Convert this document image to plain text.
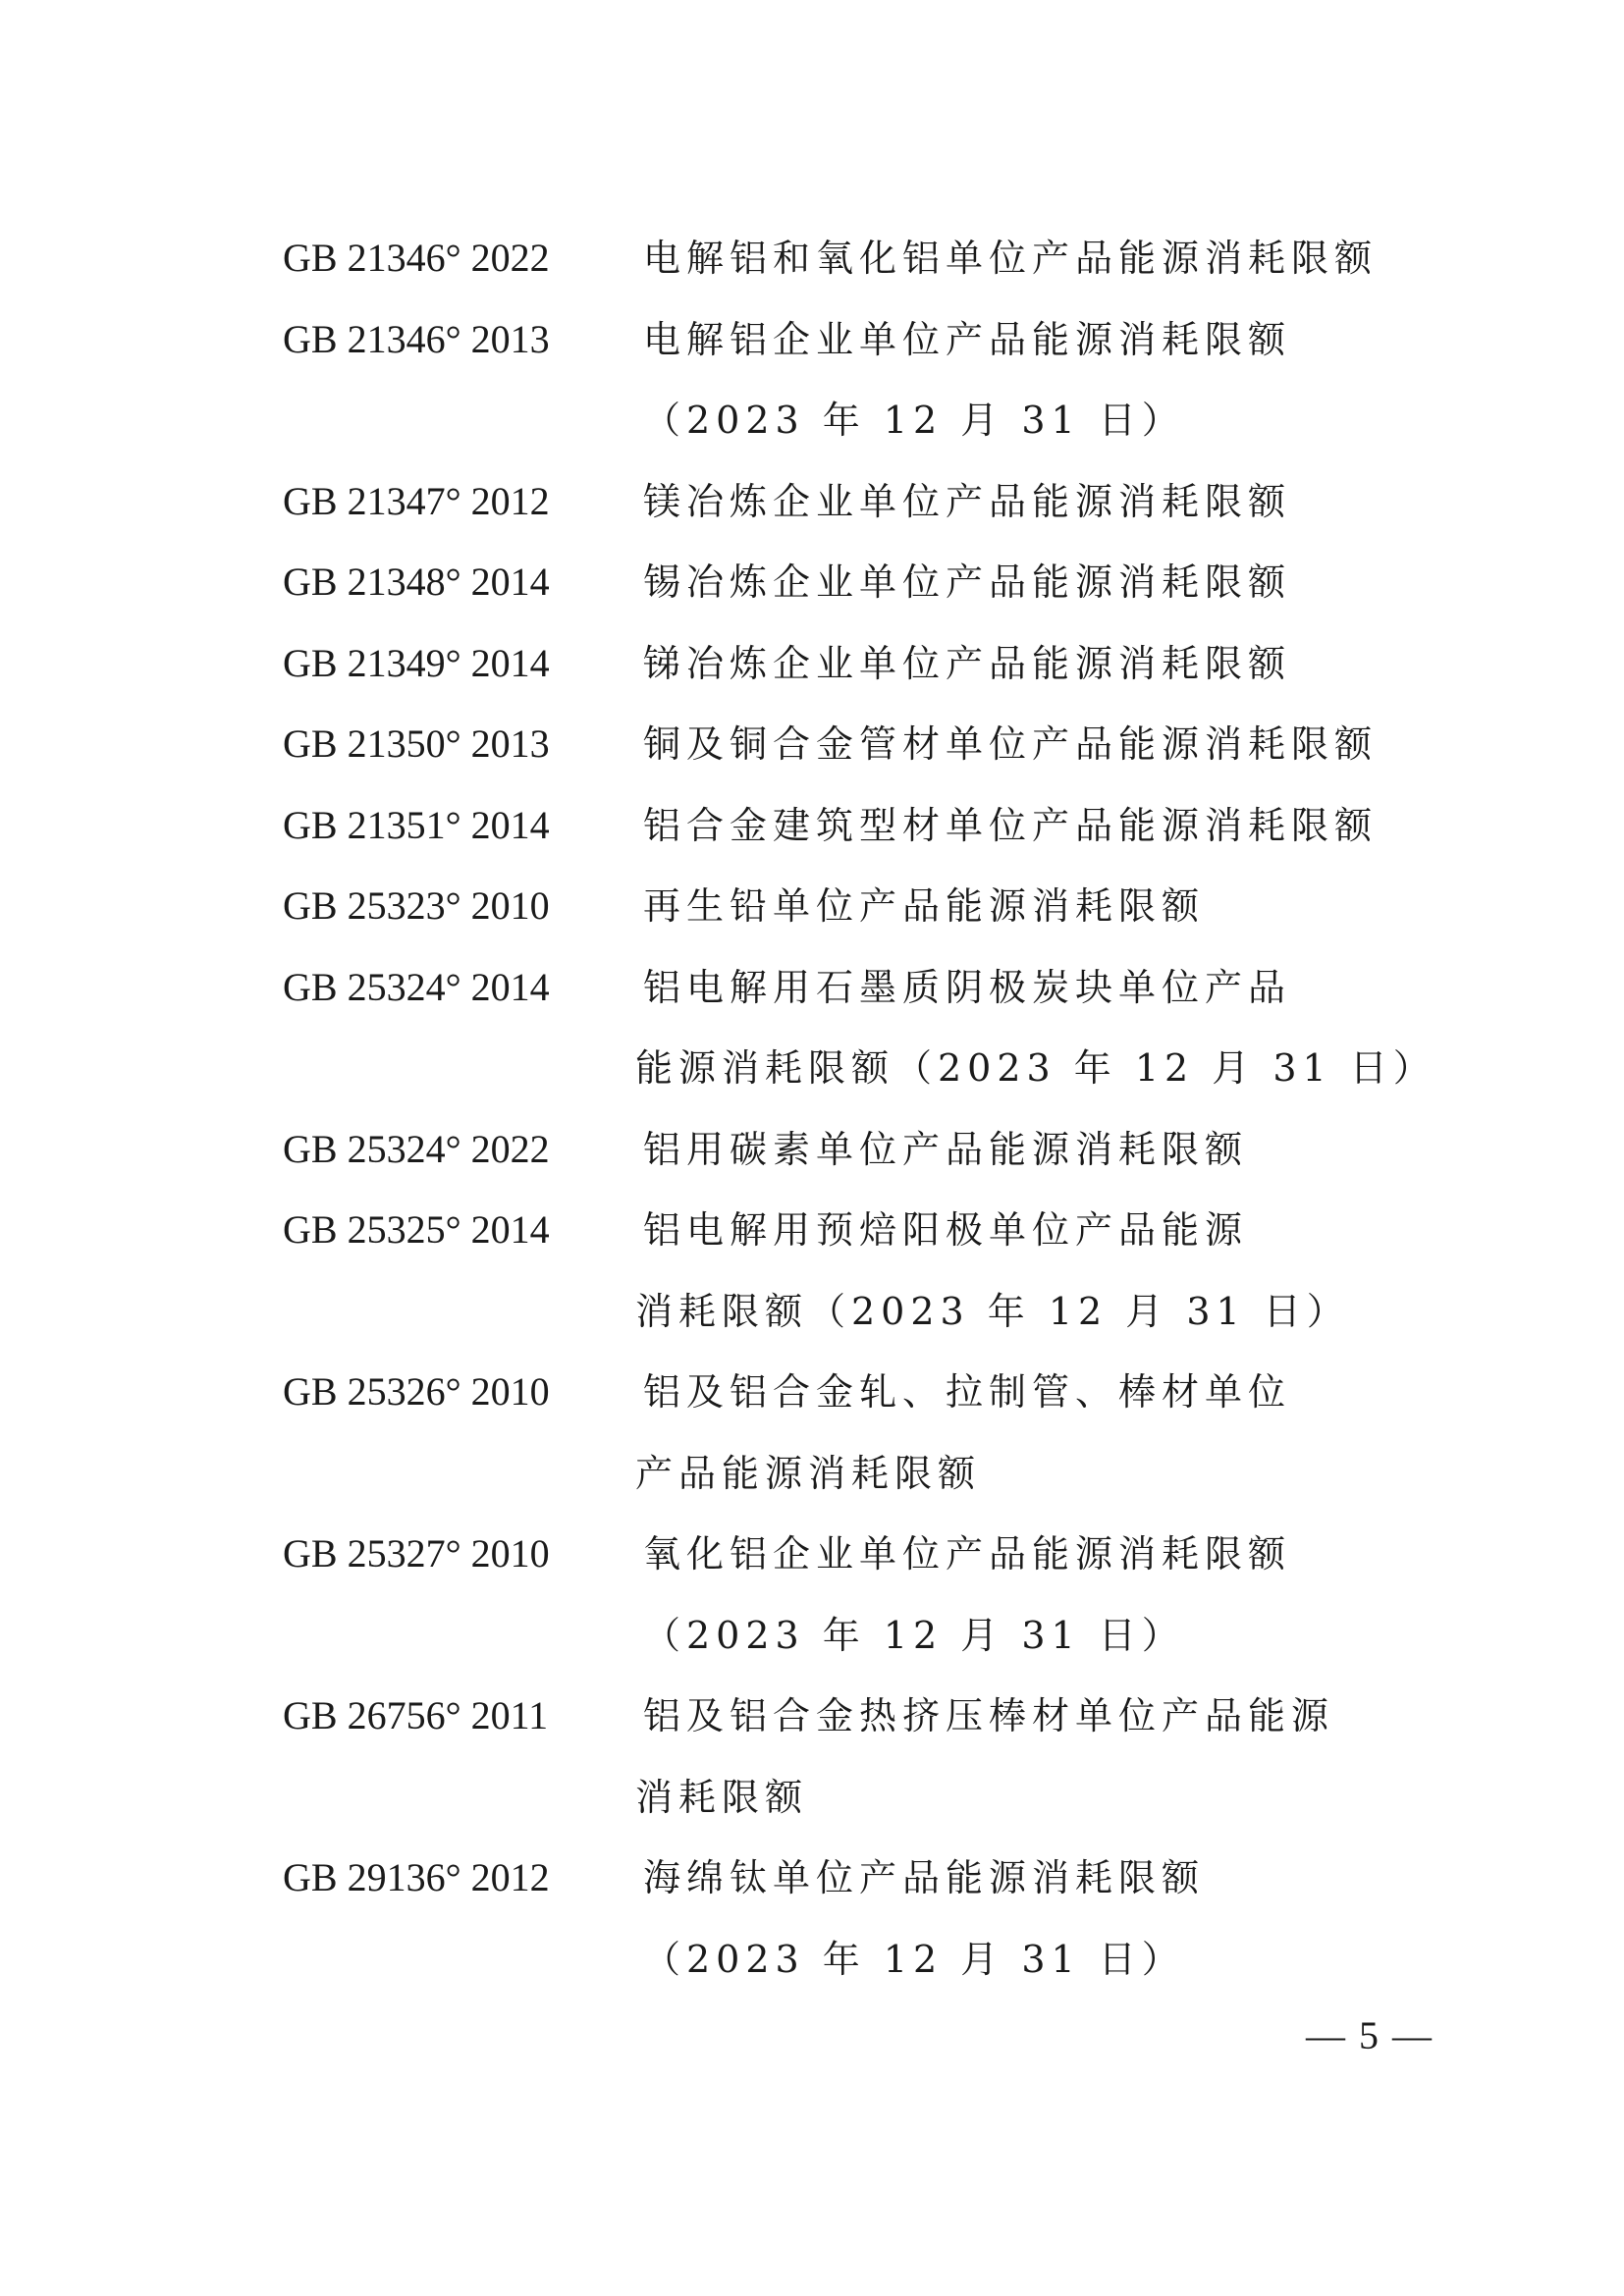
GB 21346° 2022	电解铝和氧化铝单位产品能源消耗限额
GB 21346° 2013	电解铝企业单位产品能源消耗限额
（2023 年 12 月 31 日）
GB 21347° 2012	镁冶炼企业单位产品能源消耗限额
GB 21348° 2014	锡冶炼企业单位产品能源消耗限额
GB 21349° 2014	锑冶炼企业单位产品能源消耗限额
GB 21350° 2013	铜及铜合金管材单位产品能源消耗限额
GB 21351° 2014	铝合金建筑型材单位产品能源消耗限额
GB 25323° 2010	再生铅单位产品能源消耗限额
GB 25324° 2014	铝电解用石墨质阴极炭块单位产品
能源消耗限额（2023 年 12 月 31 日）
GB 25324° 2022	铝用碳素单位产品能源消耗限额
GB 25325° 2014	铝电解用预焙阳极单位产品能源
消耗限额（2023 年 12 月 31 日）
GB 25326° 2010	铝及铝合金轧、拉制管、棒材单位
产品能源消耗限额
GB 25327° 2010	氧化铝企业单位产品能源消耗限额
（2023 年 12 月 31 日）
GB 26756° 2011	铝及铝合金热挤压棒材单位产品能源
消耗限额
GB 29136° 2012	海绵钛单位产品能源消耗限额
（2023 年 12 月 31 日）
— 5 —
